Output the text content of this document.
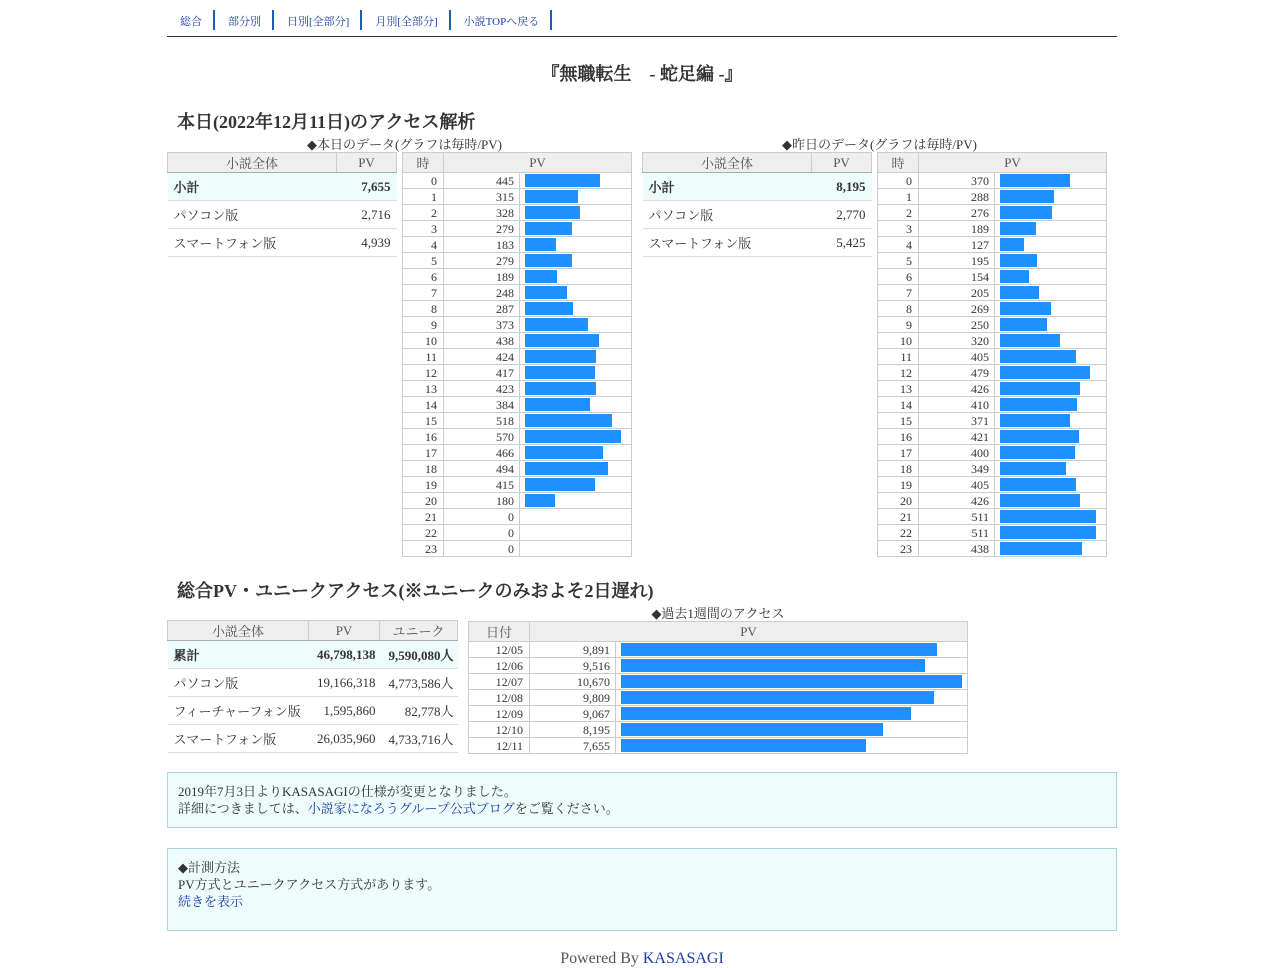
総合	部分別	日別[全部分]	月別[全部分]	小説TOPへ戻る
『無職転生　- 蛇足編 -』
本日(2022年12月11日)のアクセス解析
◆本日のデータ(グラフは毎時/PV)	◆昨日のデータ(グラフは毎時/PV)
小説全体	PV
小計	7,655
パソコン版	2,716
スマートフォン版	4,939
時	PV	
0	445	

1	315	

2	328	

3	279	

4	183	

5	279	

6	189	

7	248	

8	287	

9	373	

10	438	

11	424	

12	417	

13	423	

14	384	

15	518	

16	570	

17	466	

18	494	

19	415	

20	180	

21	0	
22	0	
23	0	
小説全体	PV
小計	8,195
パソコン版	2,770
スマートフォン版	5,425
時	PV	
0	370	

1	288	

2	276	

3	189	

4	127	

5	195	

6	154	

7	205	

8	269	

9	250	

10	320	

11	405	

12	479	

13	426	

14	410	

15	371	

16	421	

17	400	

18	349	

19	405	

20	426	

21	511	

22	511	

23	438	
総合PV・ユニークアクセス(※ユニークのみおよそ2日遅れ)
小説全体	PV	ユニーク
累計	46,798,138	9,590,080人
パソコン版	19,166,318	4,773,586人
フィーチャーフォン版	1,595,860	82,778人
スマートフォン版	26,035,960	4,733,716人
◆過去1週間のアクセス
日付	PV	
12/05	9,891	

12/06	9,516	

12/07	10,670	

12/08	9,809	

12/09	9,067	

12/10	8,195	

12/11	7,655	
2019年7月3日よりKASASAGIの仕様が変更となりました。
詳細につきましては、小説家になろうグループ公式ブログをご覧ください。
◆計測方法
PV方式とユニークアクセス方式があります。
続きを表示
Powered By KASASAGI
